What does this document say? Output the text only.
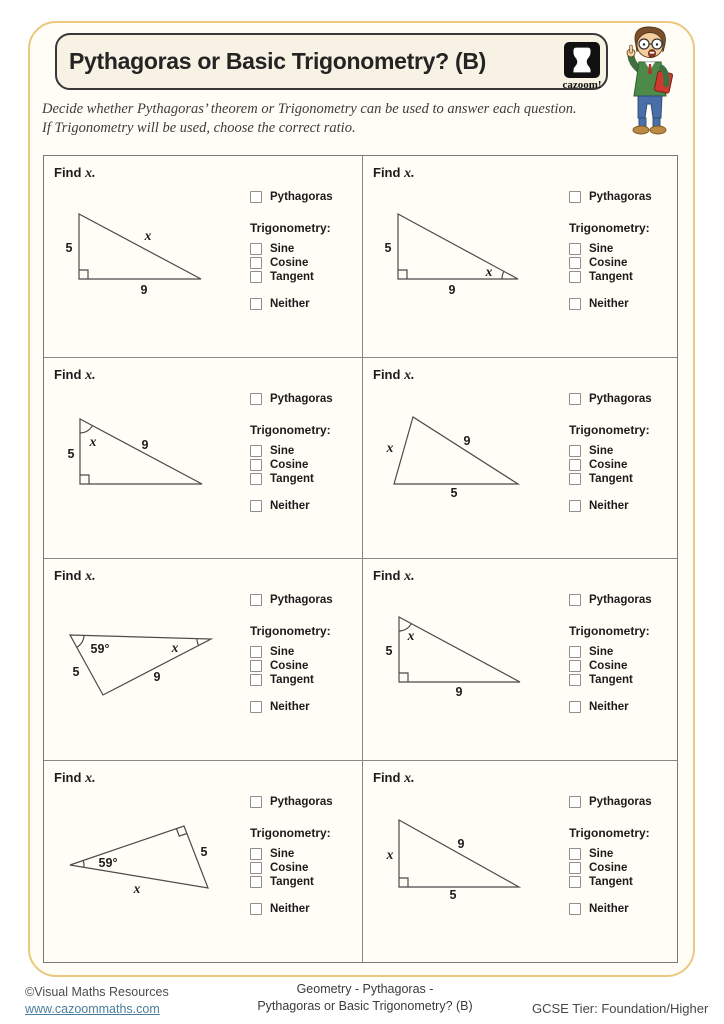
Pythagoras or Basic Trigonometry? (B)
cazoom!
Decide whether Pythagoras’ theorem or Trigonometry can be used to answer each question.
If Trigonometry will be used, choose the correct ratio.
Find x.
5
x
9
Pythagoras
Trigonometry:
Sine
Cosine
Tangent
Neither
Find x.
5
9
x
Pythagoras
Trigonometry:
Sine
Cosine
Tangent
Neither
Find x.
x	9
5
Pythagoras
Trigonometry:
Sine
Cosine
Tangent
Neither
Find x.
x	9
5
Pythagoras
Trigonometry:
Sine
Cosine
Tangent
Neither
Find x.
59°	x
5	9
Pythagoras
Trigonometry:
Sine
Cosine
Tangent
Neither
Find x.
x
5
9
Pythagoras
Trigonometry:
Sine
Cosine
Tangent
Neither
Find x.
59°
5
x
Pythagoras
Trigonometry:
Sine
Cosine
Tangent
Neither
Find x.
x
9
5
Pythagoras
Trigonometry:
Sine
Cosine
Tangent
Neither
©Visual Maths Resources
www.cazoommaths.com
Geometry - Pythagoras -
Pythagoras or Basic Trigonometry? (B)	GCSE Tier: Foundation/Higher
